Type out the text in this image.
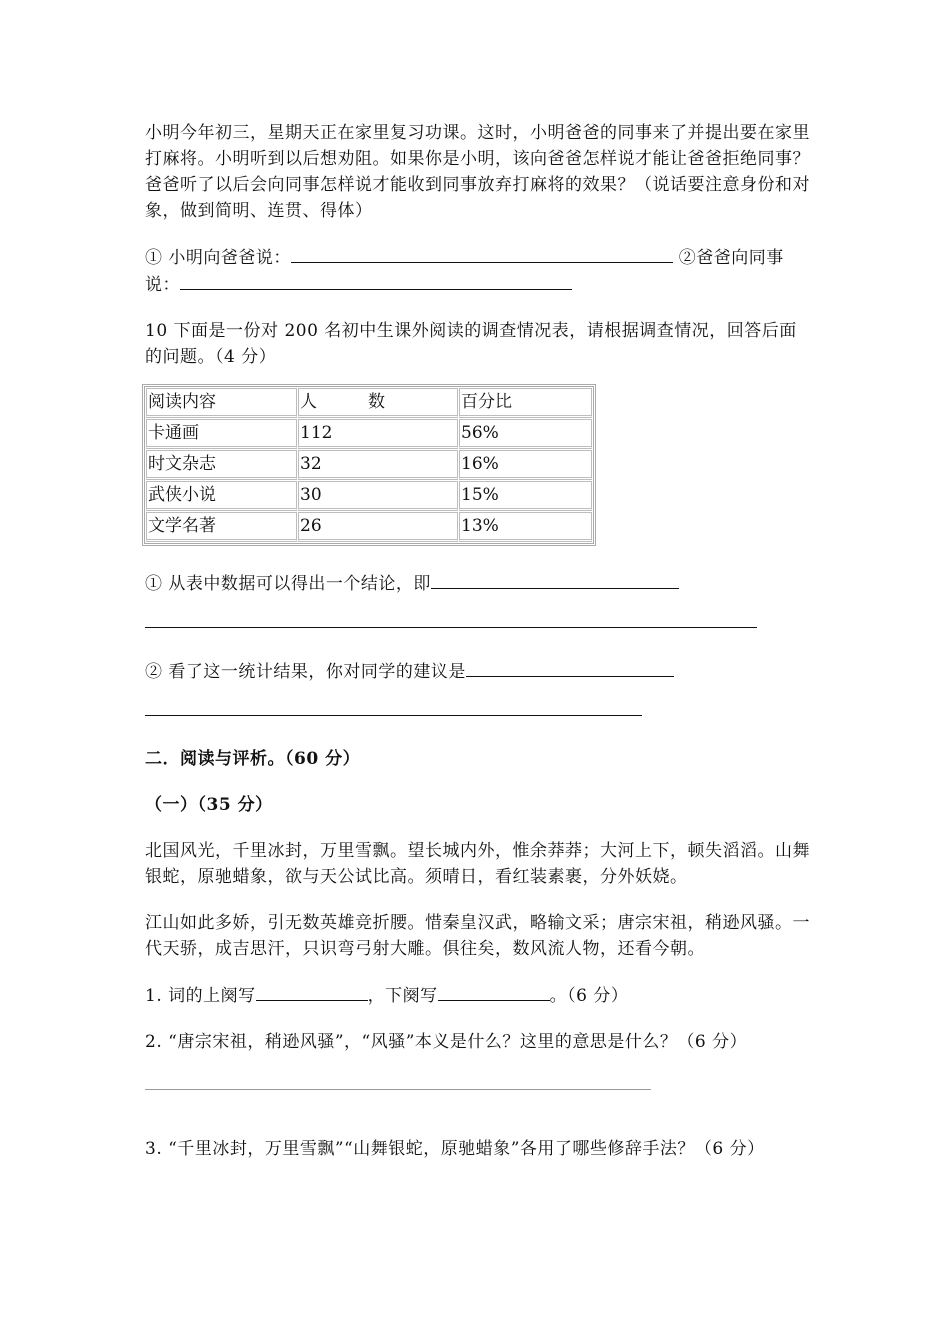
小明今年初三，星期天正在家里复习功课。这时，小明爸爸的同事来了并提出要在家里打麻将。小明听到以后想劝阻。如果你是小明，该向爸爸怎样说才能让爸爸拒绝同事？爸爸听了以后会向同事怎样说才能收到同事放弃打麻将的效果？（说话要注意身份和对象，做到简明、连贯、得体）

① 小明向爸爸说：	②爸爸向同事
说：

10 下面是一份对 200 名初中生课外阅读的调查情况表，请根据调查情况，回答后面的问题。（4 分）

阅读内容	人　　　数	百分比
卡通画	112	56%
时文杂志	32	16%
武侠小说	30	15%
文学名著	26	13%

① 从表中数据可以得出一个结论，即

② 看了这一统计结果，你对同学的建议是

二．阅读与评析。（60 分）

（一）（35 分）

北国风光，千里冰封，万里雪飘。望长城内外，惟余莽莽；大河上下，顿失滔滔。山舞银蛇，原驰蜡象，欲与天公试比高。须晴日，看红装素裹，分外妖娆。

江山如此多娇，引无数英雄竞折腰。惜秦皇汉武，略输文采；唐宗宋祖，稍逊风骚。一代天骄，成吉思汗，只识弯弓射大雕。俱往矣，数风流人物，还看今朝。

1. 词的上阕写	，下阕写	。（6 分）

2. “唐宗宋祖，稍逊风骚”，“风骚”本义是什么？这里的意思是什么？（6 分）

3. “千里冰封，万里雪飘”“山舞银蛇，原驰蜡象”各用了哪些修辞手法？（6 分）
